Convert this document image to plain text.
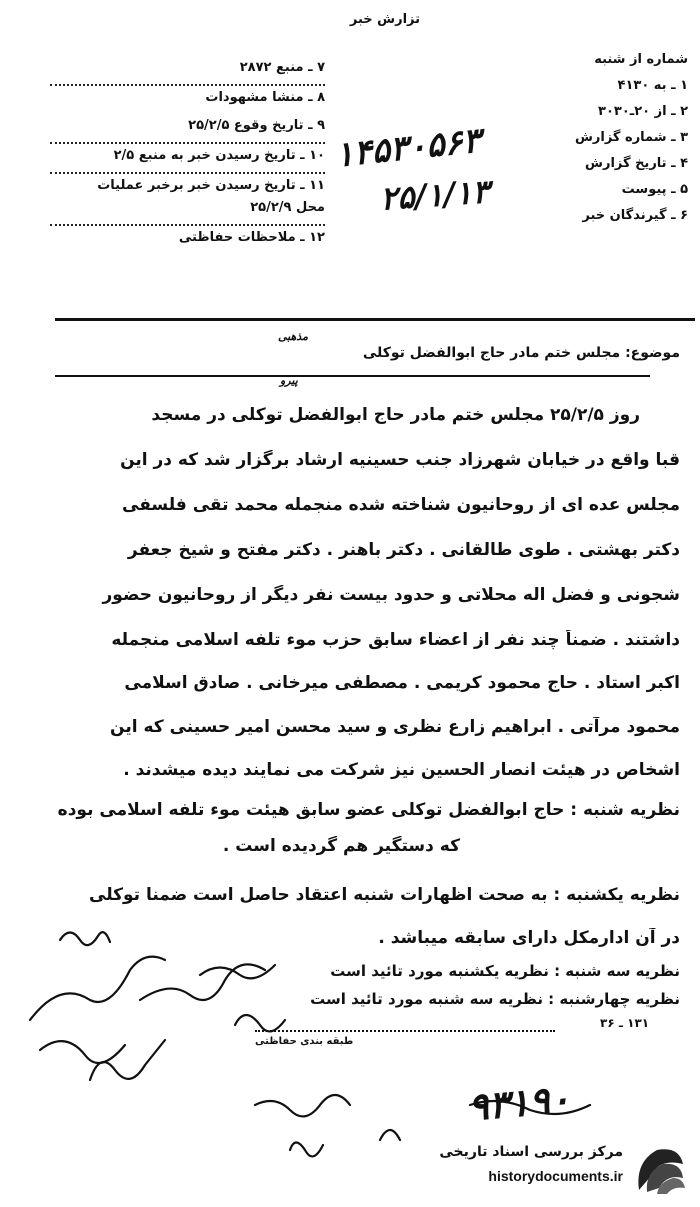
تزارش خبر
شماره از شنبه
۱ ـ به ۴۱۳۰
۲ ـ از ۲۰ـ۳۰۳۰
۳ ـ شماره گزارش
۴ ـ تاریخ گزارش
۵ ـ پیوست
۶ ـ گیرندگان خبر
۷ ـ منبع ۲۸۷۲
۸ ـ منشا مشهودات
۹ ـ تاریخ وقوع ۲۵/۲/۵
۱۰ ـ تاریخ رسیدن خبر به منبع ۲/۵
۱۱ ـ تاریخ رسیدن خبر برخبر عملیات
محل ۲۵/۲/۹
۱۲ ـ ملاحظات حفاظتی
۱۴۵۳۰۵۶۳
۲۵/۱/۱۳
موضوع: مجلس ختم مادر حاج ابوالفضل توکلی
مذهبی
پیرو
روز ۲۵/۲/۵ مجلس ختم مادر حاج ابوالفضل توکلی در مسجد
قبا واقع در خیابان شهرزاد جنب حسینیه ارشاد برگزار شد که در این
مجلس عده ای از روحانیون شناخته شده منجمله محمد تقی فلسفی
دکتر بهشتی . طوی طالقانی . دکتر باهنر . دکتر مفتح و شیخ جعفر
شجونی و فضل اله محلاتی و حدود بیست نفر دیگر از روحانیون حضور
داشتند . ضمناً چند نفر از اعضاء سابق حزب موء تلفه اسلامی منجمله
اکبر استاد . حاج محمود کریمی . مصطفی میرخانی . صادق اسلامی
محمود مرآتی . ابراهیم زارع نظری و سید محسن امیر حسینی که این
اشخاص در هیئت انصار الحسین نیز شرکت می نمایند دیده میشدند .
نظریه شنبه : حاج ابوالفضل توکلی عضو سابق هیئت موء تلفه اسلامی بوده
که دستگیر هم گردیده است .
نظریه یکشنبه : به صحت اظهارات شنبه اعتقاد حاصل است ضمنا توکلی
در آن ادارمکل دارای سابقه میباشد .
نظریه سه شنبه : نظریه یکشنبه مورد تائید است
نظریه چهارشنبه : نظریه سه شنبه مورد تائید است
۹۳۱۹۰
طبقه بندی حفاظتی
۱۳۱ ـ ۳۶
مرکز بررسی اسناد تاریخی
historydocuments.ir
